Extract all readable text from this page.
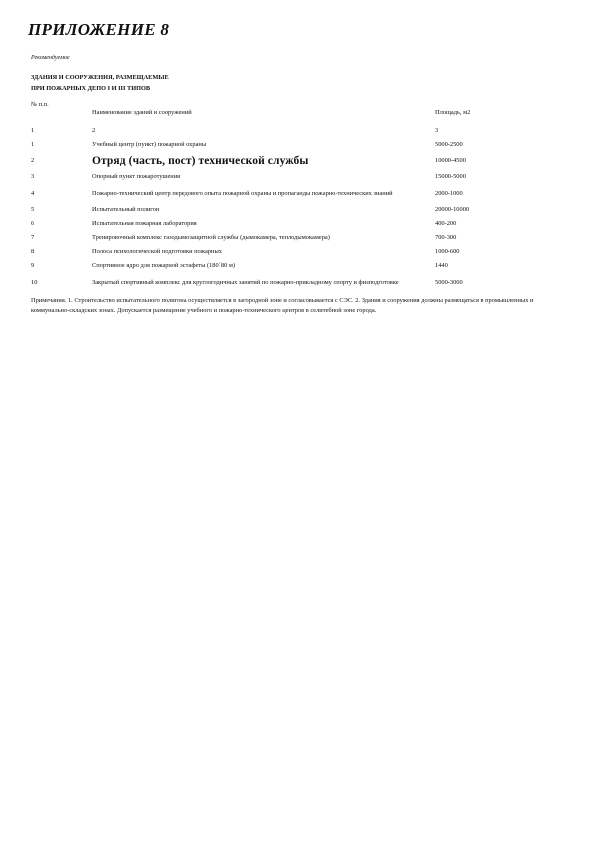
ПРИЛОЖЕНИЕ 8
Рекомендуемое
ЗДАНИЯ И СООРУЖЕНИЯ, РАЗМЕЩАЕМЫЕ
ПРИ ПОЖАРНЫХ ДЕПО I И III ТИПОВ
№ п.п.	Наименование зданий и сооружений	Площадь, м2
1	2	3
1	Учебный центр (пункт) пожарной охраны	5000-2500
2	Отряд (часть, пост) технической службы	10000-4500
3	Опорный пункт пожаротушения	15000-5000
4	Пожарно-технический центр передового опыта пожарной охраны и пропаганды пожарно-технических знаний	2000-1000
5	Испытательный полигон	20000-10000
6	Испытательная пожарная лаборатория	400-200
7	Тренировочный комплекс газодымозащитной службы (дымокамера, теплодымокамера)	700-300
8	Полоса психологической подготовки пожарных	1000-600
9	Спортивное ядро для пожарной эстафеты (180´80 м)	1440
10	Закрытый спортивный комплекс для круглогодичных занятий по пожарно-прикладному спорту и физподготовке	5000-3000
Примечания. 1. Строительство испытательного полигона осуществляется в загородной зоне и согласовывается с СЭС. 2. Здания и сооружения должны размещаться в промышленных и коммунально-складских зонах. Допускается размещение учебного и пожарно-технического центров в селитебной зоне города.
